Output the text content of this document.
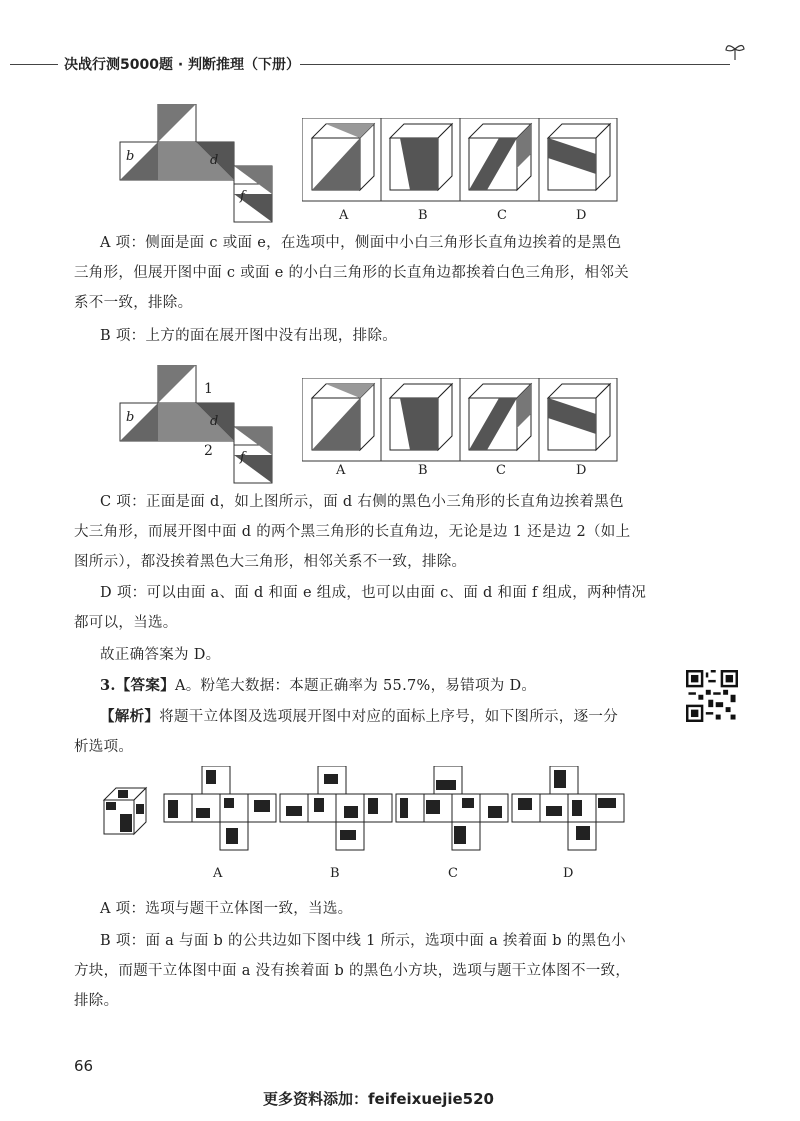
决战行测5000题 · 判断推理（下册）
a
b	d
f
A	B	C	D
A 项：侧面是面 c 或面 e，在选项中，侧面中小白三角形长直角边挨着的是黑色
三角形，但展开图中面 c 或面 e 的小白三角形的长直角边都挨着白色三角形，相邻关
系不一致，排除。
B 项：上方的面在展开图中没有出现，排除。
a
b	d
f
1
2
A	B	C	D
C 项：正面是面 d，如上图所示，面 d 右侧的黑色小三角形的长直角边挨着黑色
大三角形，而展开图中面 d 的两个黑三角形的长直角边，无论是边 1 还是边 2（如上
图所示），都没挨着黑色大三角形，相邻关系不一致，排除。
D 项：可以由面 a、面 d 和面 e 组成，也可以由面 c、面 d 和面 f 组成，两种情况
都可以，当选。
故正确答案为 D。
3.【答案】A。粉笔大数据：本题正确率为 55.7%，易错项为 D。
【解析】将题干立体图及选项展开图中对应的面标上序号，如下图所示，逐一分
析选项。
a
A	B	C	D
A 项：选项与题干立体图一致，当选。
B 项：面 a 与面 b 的公共边如下图中线 1 所示，选项中面 a 挨着面 b 的黑色小
方块，而题干立体图中面 a 没有挨着面 b 的黑色小方块，选项与题干立体图不一致，
排除。
66
更多资料添加：feifeixuejie520
